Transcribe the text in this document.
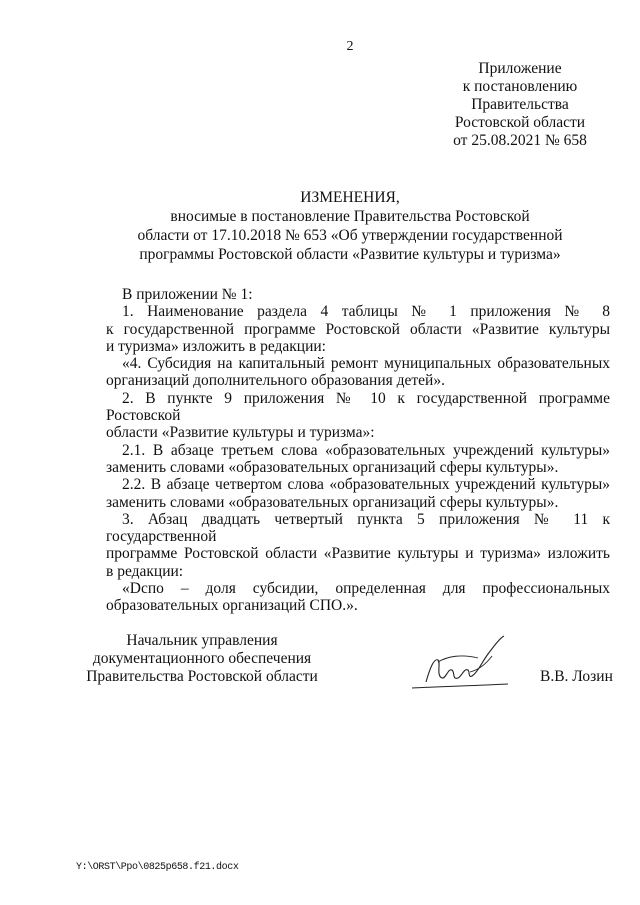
2
Приложение
к постановлению
Правительства
Ростовской области
от 25.08.2021 № 658
ИЗМЕНЕНИЯ,
вносимые в постановление Правительства Ростовской
области от 17.10.2018 № 653 «Об утверждении государственной
программы Ростовской области «Развитие культуры и туризма»

В приложении № 1:

1. Наименование раздела 4 таблицы № 1 приложения № 8

к государственной программе Ростовской области «Развитие культуры

и туризма» изложить в редакции:

«4. Субсидия на капитальный ремонт муниципальных образовательных

организаций дополнительного образования детей».

2. В пункте 9 приложения № 10 к государственной программе Ростовской

области «Развитие культуры и туризма»:

2.1. В абзаце третьем слова «образовательных учреждений культуры»

заменить словами «образовательных организаций сферы культуры».

2.2. В абзаце четвертом слова «образовательных учреждений культуры»

заменить словами «образовательных организаций сферы культуры».

3. Абзац двадцать четвертый пункта 5 приложения № 11 к государственной

программе Ростовской области «Развитие культуры и туризма» изложить

в редакции:

«Dспо – доля субсидии, определенная для профессиональных

образовательных организаций СПО.».

Начальник управления
документационного обеспечения
Правительства Ростовской области	В.В. Лозин
Y:\ORST\Ppo\0825p658.f21.docx
